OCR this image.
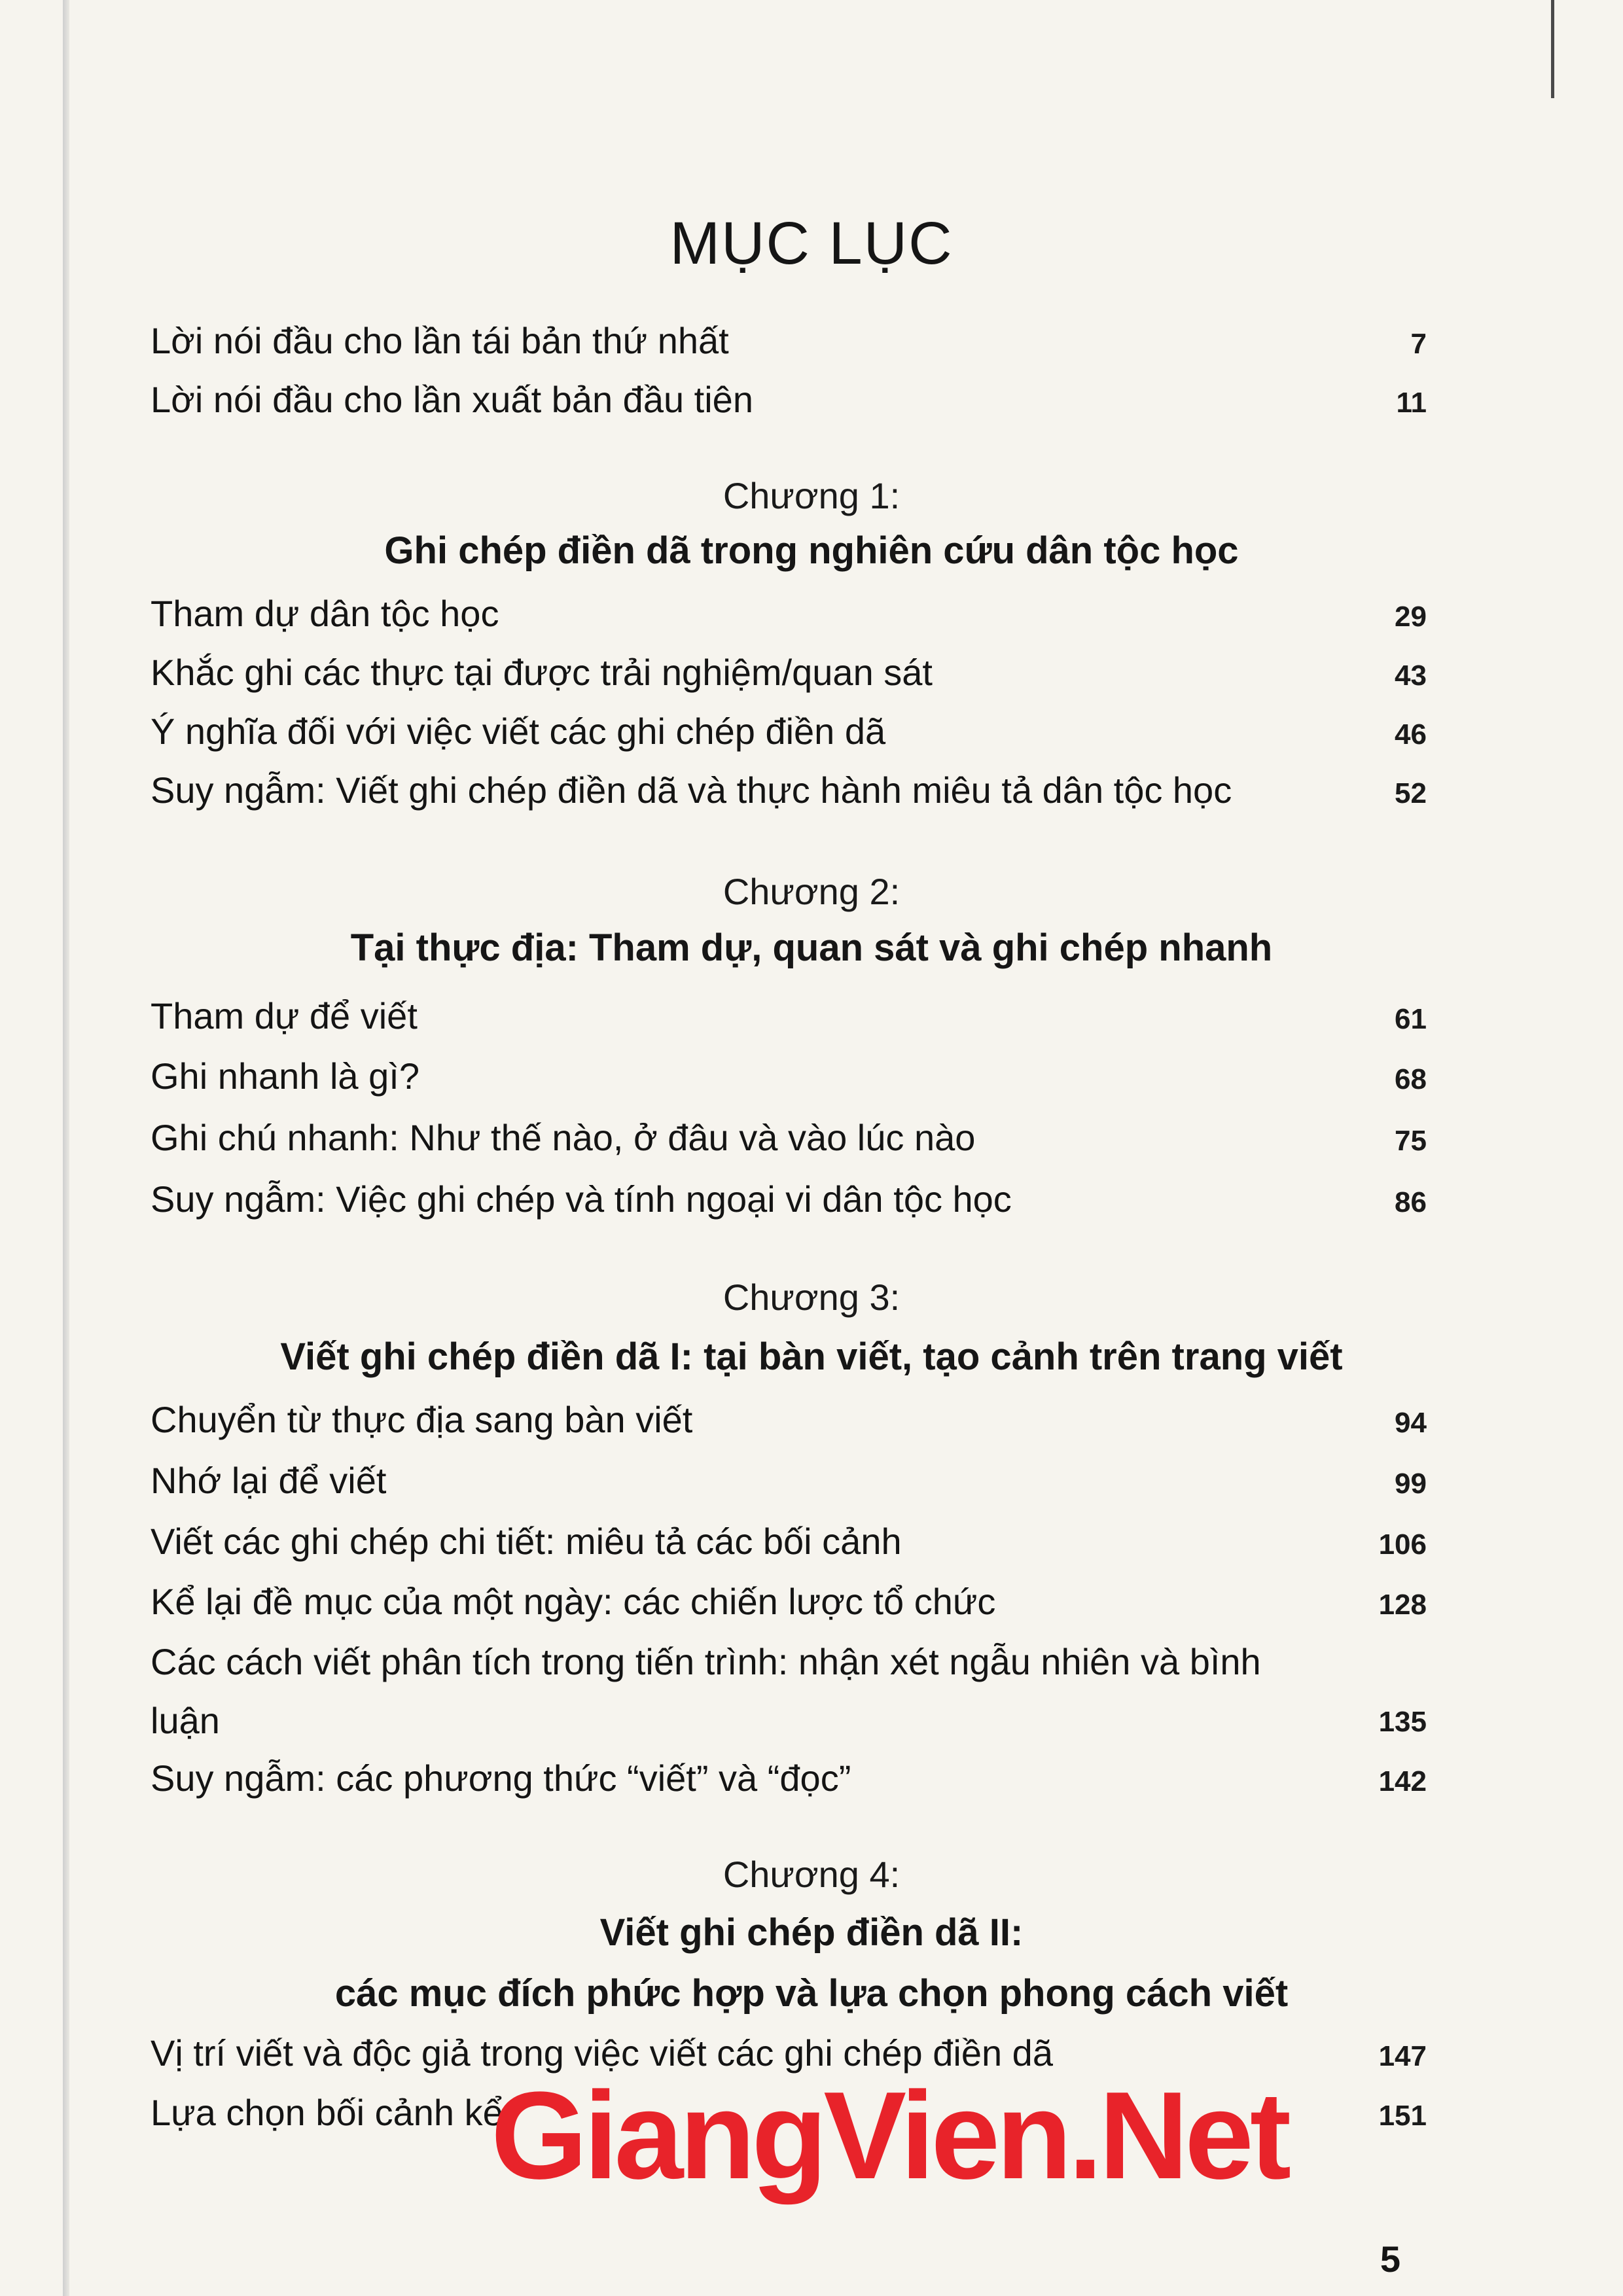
MỤC LỤC
Lời nói đầu cho lần tái bản thứ nhất	7
Lời nói đầu cho lần xuất bản đầu tiên	11
Chương 1:
Ghi chép điền dã trong nghiên cứu dân tộc học
Tham dự dân tộc học	29
Khắc ghi các thực tại được trải nghiệm/quan sát	43
Ý nghĩa đối với việc viết các ghi chép điền dã	46
Suy ngẫm: Viết ghi chép điền dã và thực hành miêu tả dân tộc học	52
Chương 2:
Tại thực địa: Tham dự, quan sát và ghi chép nhanh
Tham dự để viết	61
Ghi nhanh là gì?	68
Ghi chú nhanh: Như thế nào, ở đâu và vào lúc nào	75
Suy ngẫm: Việc ghi chép và tính ngoại vi dân tộc học	86
Chương 3:
Viết ghi chép điền dã I: tại bàn viết, tạo cảnh trên trang viết
Chuyển từ thực địa sang bàn viết	94
Nhớ lại để viết	99
Viết các ghi chép chi tiết: miêu tả các bối cảnh	106
Kể lại đề mục của một ngày: các chiến lược tổ chức	128
Các cách viết phân tích trong tiến trình: nhận xét ngẫu nhiên và bình luận	135
Suy ngẫm: các phương thức “viết” và “đọc”	142
Chương 4:
Viết ghi chép điền dã II:
các mục đích phức hợp và lựa chọn phong cách viết
Vị trí viết và độc giả trong việc viết các ghi chép điền dã	147
Lựa chọn bối cảnh kể	151
GiangVien.Net
5
